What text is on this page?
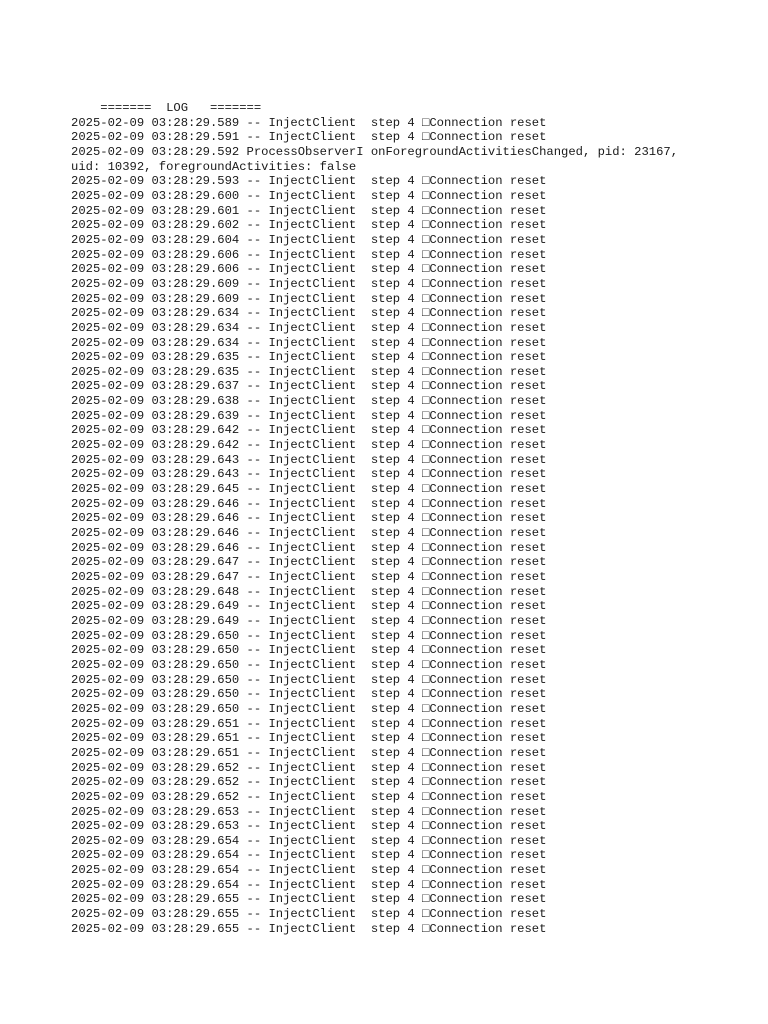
=======  LOG   =======
2025-02-09 03:28:29.589 -- InjectClient  step 4 □Connection reset
2025-02-09 03:28:29.591 -- InjectClient  step 4 □Connection reset
2025-02-09 03:28:29.592 ProcessObserverI onForegroundActivitiesChanged, pid: 23167,
uid: 10392, foregroundActivities: false
2025-02-09 03:28:29.593 -- InjectClient  step 4 □Connection reset
2025-02-09 03:28:29.600 -- InjectClient  step 4 □Connection reset
2025-02-09 03:28:29.601 -- InjectClient  step 4 □Connection reset
2025-02-09 03:28:29.602 -- InjectClient  step 4 □Connection reset
2025-02-09 03:28:29.604 -- InjectClient  step 4 □Connection reset
2025-02-09 03:28:29.606 -- InjectClient  step 4 □Connection reset
2025-02-09 03:28:29.606 -- InjectClient  step 4 □Connection reset
2025-02-09 03:28:29.609 -- InjectClient  step 4 □Connection reset
2025-02-09 03:28:29.609 -- InjectClient  step 4 □Connection reset
2025-02-09 03:28:29.634 -- InjectClient  step 4 □Connection reset
2025-02-09 03:28:29.634 -- InjectClient  step 4 □Connection reset
2025-02-09 03:28:29.634 -- InjectClient  step 4 □Connection reset
2025-02-09 03:28:29.635 -- InjectClient  step 4 □Connection reset
2025-02-09 03:28:29.635 -- InjectClient  step 4 □Connection reset
2025-02-09 03:28:29.637 -- InjectClient  step 4 □Connection reset
2025-02-09 03:28:29.638 -- InjectClient  step 4 □Connection reset
2025-02-09 03:28:29.639 -- InjectClient  step 4 □Connection reset
2025-02-09 03:28:29.642 -- InjectClient  step 4 □Connection reset
2025-02-09 03:28:29.642 -- InjectClient  step 4 □Connection reset
2025-02-09 03:28:29.643 -- InjectClient  step 4 □Connection reset
2025-02-09 03:28:29.643 -- InjectClient  step 4 □Connection reset
2025-02-09 03:28:29.645 -- InjectClient  step 4 □Connection reset
2025-02-09 03:28:29.646 -- InjectClient  step 4 □Connection reset
2025-02-09 03:28:29.646 -- InjectClient  step 4 □Connection reset
2025-02-09 03:28:29.646 -- InjectClient  step 4 □Connection reset
2025-02-09 03:28:29.646 -- InjectClient  step 4 □Connection reset
2025-02-09 03:28:29.647 -- InjectClient  step 4 □Connection reset
2025-02-09 03:28:29.647 -- InjectClient  step 4 □Connection reset
2025-02-09 03:28:29.648 -- InjectClient  step 4 □Connection reset
2025-02-09 03:28:29.649 -- InjectClient  step 4 □Connection reset
2025-02-09 03:28:29.649 -- InjectClient  step 4 □Connection reset
2025-02-09 03:28:29.650 -- InjectClient  step 4 □Connection reset
2025-02-09 03:28:29.650 -- InjectClient  step 4 □Connection reset
2025-02-09 03:28:29.650 -- InjectClient  step 4 □Connection reset
2025-02-09 03:28:29.650 -- InjectClient  step 4 □Connection reset
2025-02-09 03:28:29.650 -- InjectClient  step 4 □Connection reset
2025-02-09 03:28:29.650 -- InjectClient  step 4 □Connection reset
2025-02-09 03:28:29.651 -- InjectClient  step 4 □Connection reset
2025-02-09 03:28:29.651 -- InjectClient  step 4 □Connection reset
2025-02-09 03:28:29.651 -- InjectClient  step 4 □Connection reset
2025-02-09 03:28:29.652 -- InjectClient  step 4 □Connection reset
2025-02-09 03:28:29.652 -- InjectClient  step 4 □Connection reset
2025-02-09 03:28:29.652 -- InjectClient  step 4 □Connection reset
2025-02-09 03:28:29.653 -- InjectClient  step 4 □Connection reset
2025-02-09 03:28:29.653 -- InjectClient  step 4 □Connection reset
2025-02-09 03:28:29.654 -- InjectClient  step 4 □Connection reset
2025-02-09 03:28:29.654 -- InjectClient  step 4 □Connection reset
2025-02-09 03:28:29.654 -- InjectClient  step 4 □Connection reset
2025-02-09 03:28:29.654 -- InjectClient  step 4 □Connection reset
2025-02-09 03:28:29.655 -- InjectClient  step 4 □Connection reset
2025-02-09 03:28:29.655 -- InjectClient  step 4 □Connection reset
2025-02-09 03:28:29.655 -- InjectClient  step 4 □Connection reset
